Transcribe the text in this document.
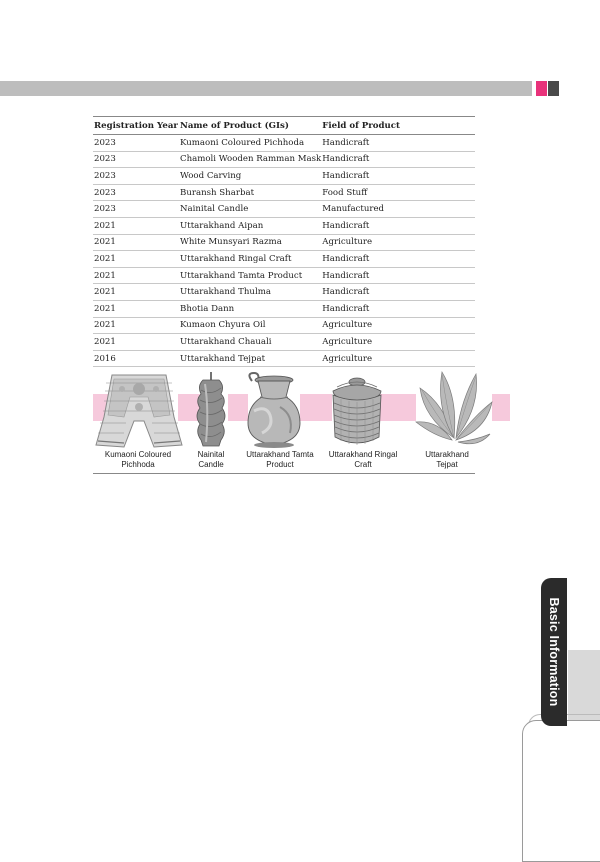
Registration Year	Name of Product (GIs)	Field of Product
2023	Kumaoni Coloured Pichhoda	Handicraft
2023	Chamoli Wooden Ramman Mask	Handicraft
2023	Wood Carving	Handicraft
2023	Buransh Sharbat	Food Stuff
2023	Nainital Candle	Manufactured
2021	Uttarakhand Aipan	Handicraft
2021	White Munsyari Razma	Agriculture
2021	Uttarakhand Ringal Craft	Handicraft
2021	Uttarakhand Tamta Product	Handicraft
2021	Uttarakhand Thulma	Handicraft
2021	Bhotia Dann	Handicraft
2021	Kumaon Chyura Oil	Agriculture
2021	Uttarakhand Chauali	Agriculture
2016	Uttarakhand Tejpat	Agriculture
Kumaoni Coloured
Pichhoda
Nainital
Candle
Uttarakhand Tamta
Product
Uttarakhand Ringal
Craft
Uttarakhand
Tejpat
Basic Information
